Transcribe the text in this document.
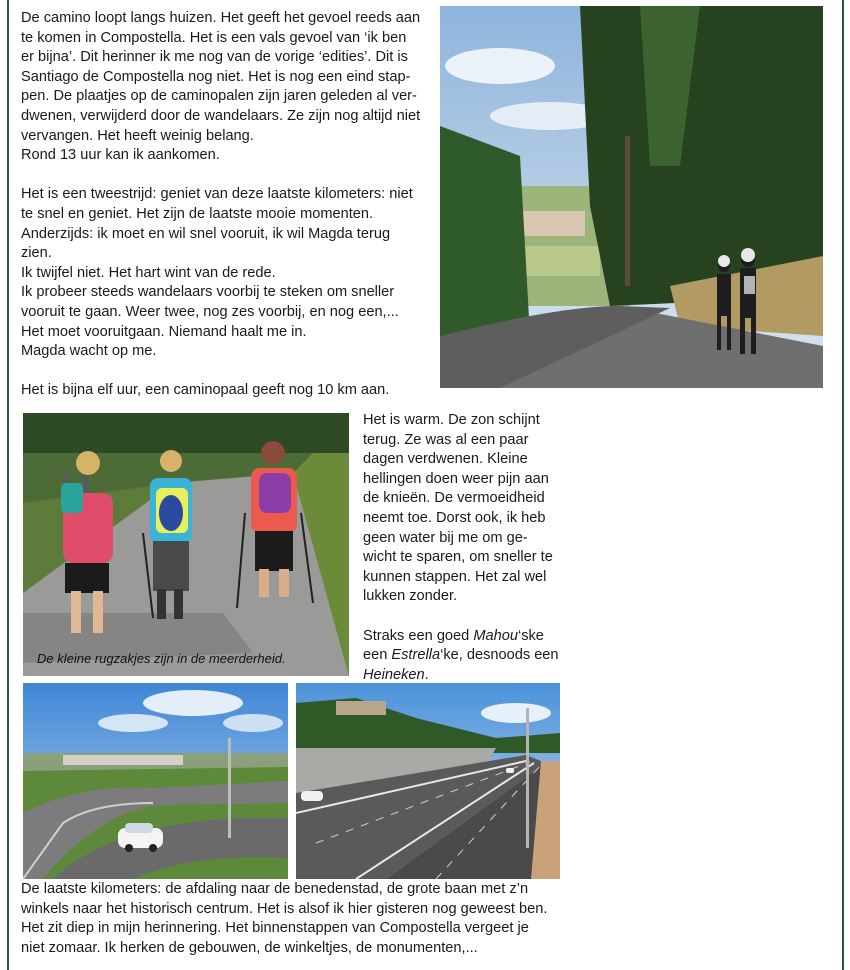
De camino loopt langs huizen. Het geeft het gevoel reeds aan

te komen in Compostella. Het is een vals gevoel van ‘ik ben

er bijna’. Dit herinner ik me nog van de vorige ‘edities’. Dit is

Santiago de Compostella nog niet. Het is nog een eind stap-

pen. De plaatjes op de caminopalen zijn jaren geleden al ver-

dwenen, verwijderd door de wandelaars. Ze zijn nog altijd niet

vervangen. Het heeft weinig belang.

Rond 13 uur kan ik aankomen.

Het is een tweestrijd: geniet van deze laatste kilometers: niet

te snel en geniet. Het zijn de laatste mooie momenten.

Anderzijds: ik moet en wil snel vooruit, ik wil Magda terug

zien.

Ik twijfel niet. Het hart wint van de rede.

Ik probeer steeds wandelaars voorbij te steken om sneller

vooruit te gaan. Weer twee, nog zes voorbij, en nog een,...

Het moet vooruitgaan. Niemand haalt me in.

Magda wacht op me.

Het is bijna elf uur, een caminopaal geeft nog 10 km aan.

De kleine rugzakjes zijn in de meerderheid.

Het is warm. De zon schijnt

terug. Ze was al een paar

dagen verdwenen. Kleine

hellingen doen weer pijn aan

de knieën. De vermoeidheid

neemt toe. Dorst ook, ik heb

geen water bij me om ge-

wicht te sparen, om sneller te

kunnen stappen. Het zal wel

lukken zonder.

Straks een goed Mahou‘ske

een Estrella‘ke, desnoods een

Heineken.

De laatste kilometers: de afdaling naar de benedenstad, de grote baan met z’n

winkels naar het historisch centrum. Het is alsof ik hier gisteren nog geweest ben.

Het zit diep in mijn herinnering. Het binnenstappen van Compostella vergeet je

niet zomaar. Ik herken de gebouwen, de winkeltjes, de monumenten,...
